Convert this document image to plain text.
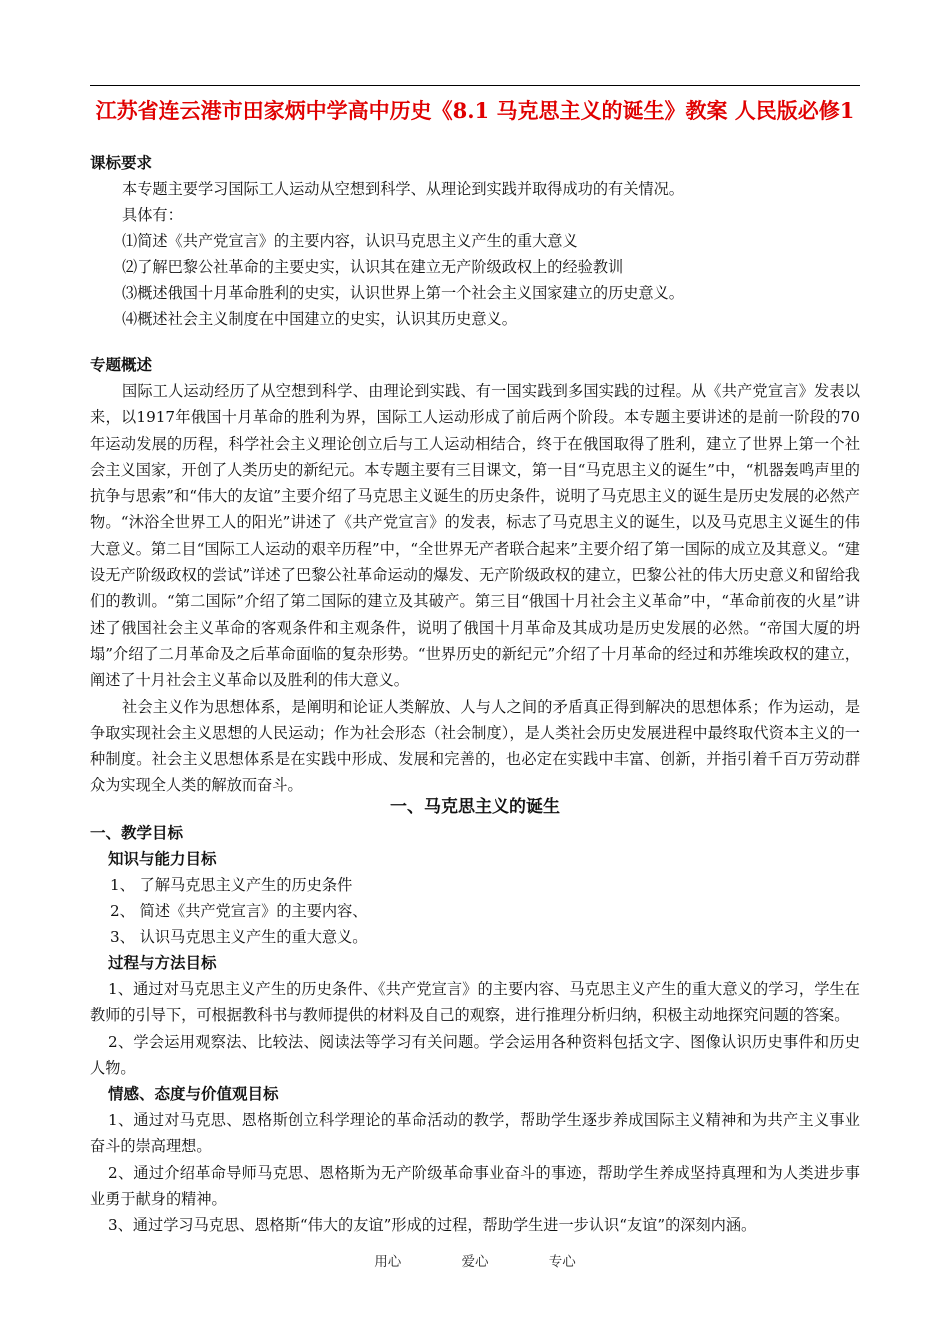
江苏省连云港市田家炳中学高中历史《8.1 马克思主义的诞生》教案 人民版必修1
课标要求
本专题主要学习国际工人运动从空想到科学、从理论到实践并取得成功的有关情况。
具体有：
⑴简述《共产党宣言》的主要内容，认识马克思主义产生的重大意义
⑵了解巴黎公社革命的主要史实，认识其在建立无产阶级政权上的经验教训
⑶概述俄国十月革命胜利的史实，认识世界上第一个社会主义国家建立的历史意义。
⑷概述社会主义制度在中国建立的史实，认识其历史意义。
专题概述
国际工人运动经历了从空想到科学、由理论到实践、有一国实践到多国实践的过程。从《共产党宣言》发表以来，以1917年俄国十月革命的胜利为界，国际工人运动形成了前后两个阶段。本专题主要讲述的是前一阶段的70年运动发展的历程，科学社会主义理论创立后与工人运动相结合，终于在俄国取得了胜利，建立了世界上第一个社会主义国家，开创了人类历史的新纪元。本专题主要有三目课文，第一目“马克思主义的诞生”中，“机器轰鸣声里的抗争与思索”和“伟大的友谊”主要介绍了马克思主义诞生的历史条件，说明了马克思主义的诞生是历史发展的必然产物。“沐浴全世界工人的阳光”讲述了《共产党宣言》的发表，标志了马克思主义的诞生，以及马克思主义诞生的伟大意义。第二目“国际工人运动的艰辛历程”中，“全世界无产者联合起来”主要介绍了第一国际的成立及其意义。“建设无产阶级政权的尝试”详述了巴黎公社革命运动的爆发、无产阶级政权的建立，巴黎公社的伟大历史意义和留给我们的教训。“第二国际”介绍了第二国际的建立及其破产。第三目“俄国十月社会主义革命”中，“革命前夜的火星”讲述了俄国社会主义革命的客观条件和主观条件，说明了俄国十月革命及其成功是历史发展的必然。“帝国大厦的坍塌”介绍了二月革命及之后革命面临的复杂形势。“世界历史的新纪元”介绍了十月革命的经过和苏维埃政权的建立，阐述了十月社会主义革命以及胜利的伟大意义。
社会主义作为思想体系，是阐明和论证人类解放、人与人之间的矛盾真正得到解决的思想体系；作为运动，是争取实现社会主义思想的人民运动；作为社会形态（社会制度），是人类社会历史发展进程中最终取代资本主义的一种制度。社会主义思想体系是在实践中形成、发展和完善的，也必定在实践中丰富、创新，并指引着千百万劳动群众为实现全人类的解放而奋斗。
一、马克思主义的诞生
一、教学目标
知识与能力目标
1、 了解马克思主义产生的历史条件
2、 简述《共产党宣言》的主要内容、
3、 认识马克思主义产生的重大意义。
过程与方法目标
1、通过对马克思主义产生的历史条件、《共产党宣言》的主要内容、马克思主义产生的重大意义的学习，学生在教师的引导下，可根据教科书与教师提供的材料及自己的观察，进行推理分析归纳，积极主动地探究问题的答案。
2、学会运用观察法、比较法、阅读法等学习有关问题。学会运用各种资料包括文字、图像认识历史事件和历史人物。
情感、态度与价值观目标
1、通过对马克思、恩格斯创立科学理论的革命活动的教学，帮助学生逐步养成国际主义精神和为共产主义事业奋斗的崇高理想。
2、通过介绍革命导师马克思、恩格斯为无产阶级革命事业奋斗的事迹，帮助学生养成坚持真理和为人类进步事业勇于献身的精神。
3、通过学习马克思、恩格斯“伟大的友谊”形成的过程，帮助学生进一步认识“友谊”的深刻内涵。
用心	爱心	专心
